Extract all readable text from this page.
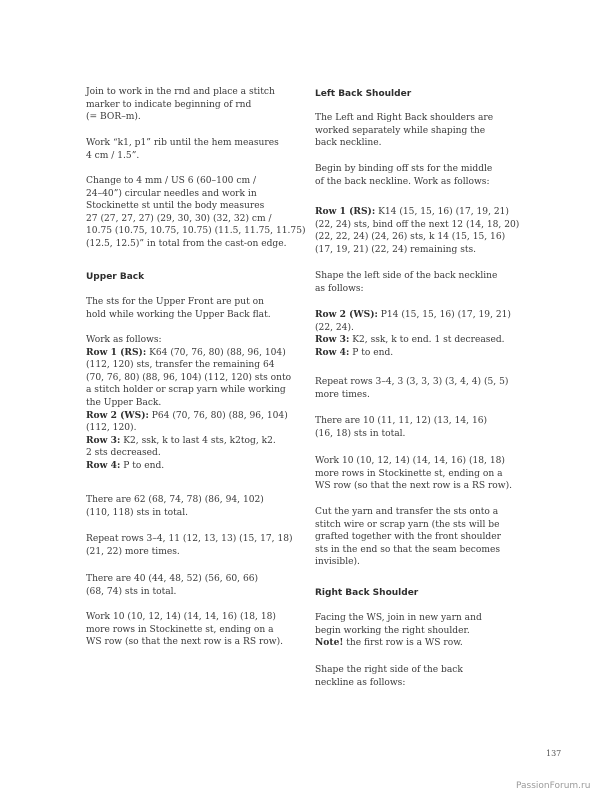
Join to work in the rnd and place a stitch
marker to indicate beginning of rnd
(= BOR–m).

Work “k1, p1” rib until the hem measures
4 cm / 1.5”.

Change to 4 mm / US 6 (60–100 cm /
24–40”) circular needles and work in
Stockinette st until the body measures
27 (27, 27, 27) (29, 30, 30) (32, 32) cm /
10.75 (10.75, 10.75, 10.75) (11.5, 11.75, 11.75)
(12.5, 12.5)” in total from the cast-on edge.

Upper Back

The sts for the Upper Front are put on
hold while working the Upper Back flat.

Work as follows:
Row 1 (RS): K64 (70, 76, 80) (88, 96, 104)
(112, 120) sts, transfer the remaining 64
(70, 76, 80) (88, 96, 104) (112, 120) sts onto
a stitch holder or scrap yarn while working
the Upper Back.
Row 2 (WS): P64 (70, 76, 80) (88, 96, 104)
(112, 120).
Row 3: K2, ssk, k to last 4 sts, k2tog, k2.
2 sts decreased.
Row 4: P to end.

There are 62 (68, 74, 78) (86, 94, 102)
(110, 118) sts in total.

Repeat rows 3–4, 11 (12, 13, 13) (15, 17, 18)
(21, 22) more times.

There are 40 (44, 48, 52) (56, 60, 66)
(68, 74) sts in total.

Work 10 (10, 12, 14) (14, 14, 16) (18, 18)
more rows in Stockinette st, ending on a
WS row (so that the next row is a RS row).

Left Back Shoulder

The Left and Right Back shoulders are
worked separately while shaping the
back neckline.

Begin by binding off sts for the middle
of the back neckline. Work as follows:

Row 1 (RS): K14 (15, 15, 16) (17, 19, 21)
(22, 24) sts, bind off the next 12 (14, 18, 20)
(22, 22, 24) (24, 26) sts, k 14 (15, 15, 16)
(17, 19, 21) (22, 24) remaining sts.

Shape the left side of the back neckline
as follows:

Row 2 (WS): P14 (15, 15, 16) (17, 19, 21)
(22, 24).
Row 3: K2, ssk, k to end. 1 st decreased.
Row 4: P to end.

Repeat rows 3–4, 3 (3, 3, 3) (3, 4, 4) (5, 5)
more times.

There are 10 (11, 11, 12) (13, 14, 16)
(16, 18) sts in total.

Work 10 (10, 12, 14) (14, 14, 16) (18, 18)
more rows in Stockinette st, ending on a
WS row (so that the next row is a RS row).

Cut the yarn and transfer the sts onto a
stitch wire or scrap yarn (the sts will be
grafted together with the front shoulder
sts in the end so that the seam becomes
invisible).

Right Back Shoulder

Facing the WS, join in new yarn and
begin working the right shoulder.
Note! the first row is a WS row.

Shape the right side of the back
neckline as follows:

137
PassionForum.ru
